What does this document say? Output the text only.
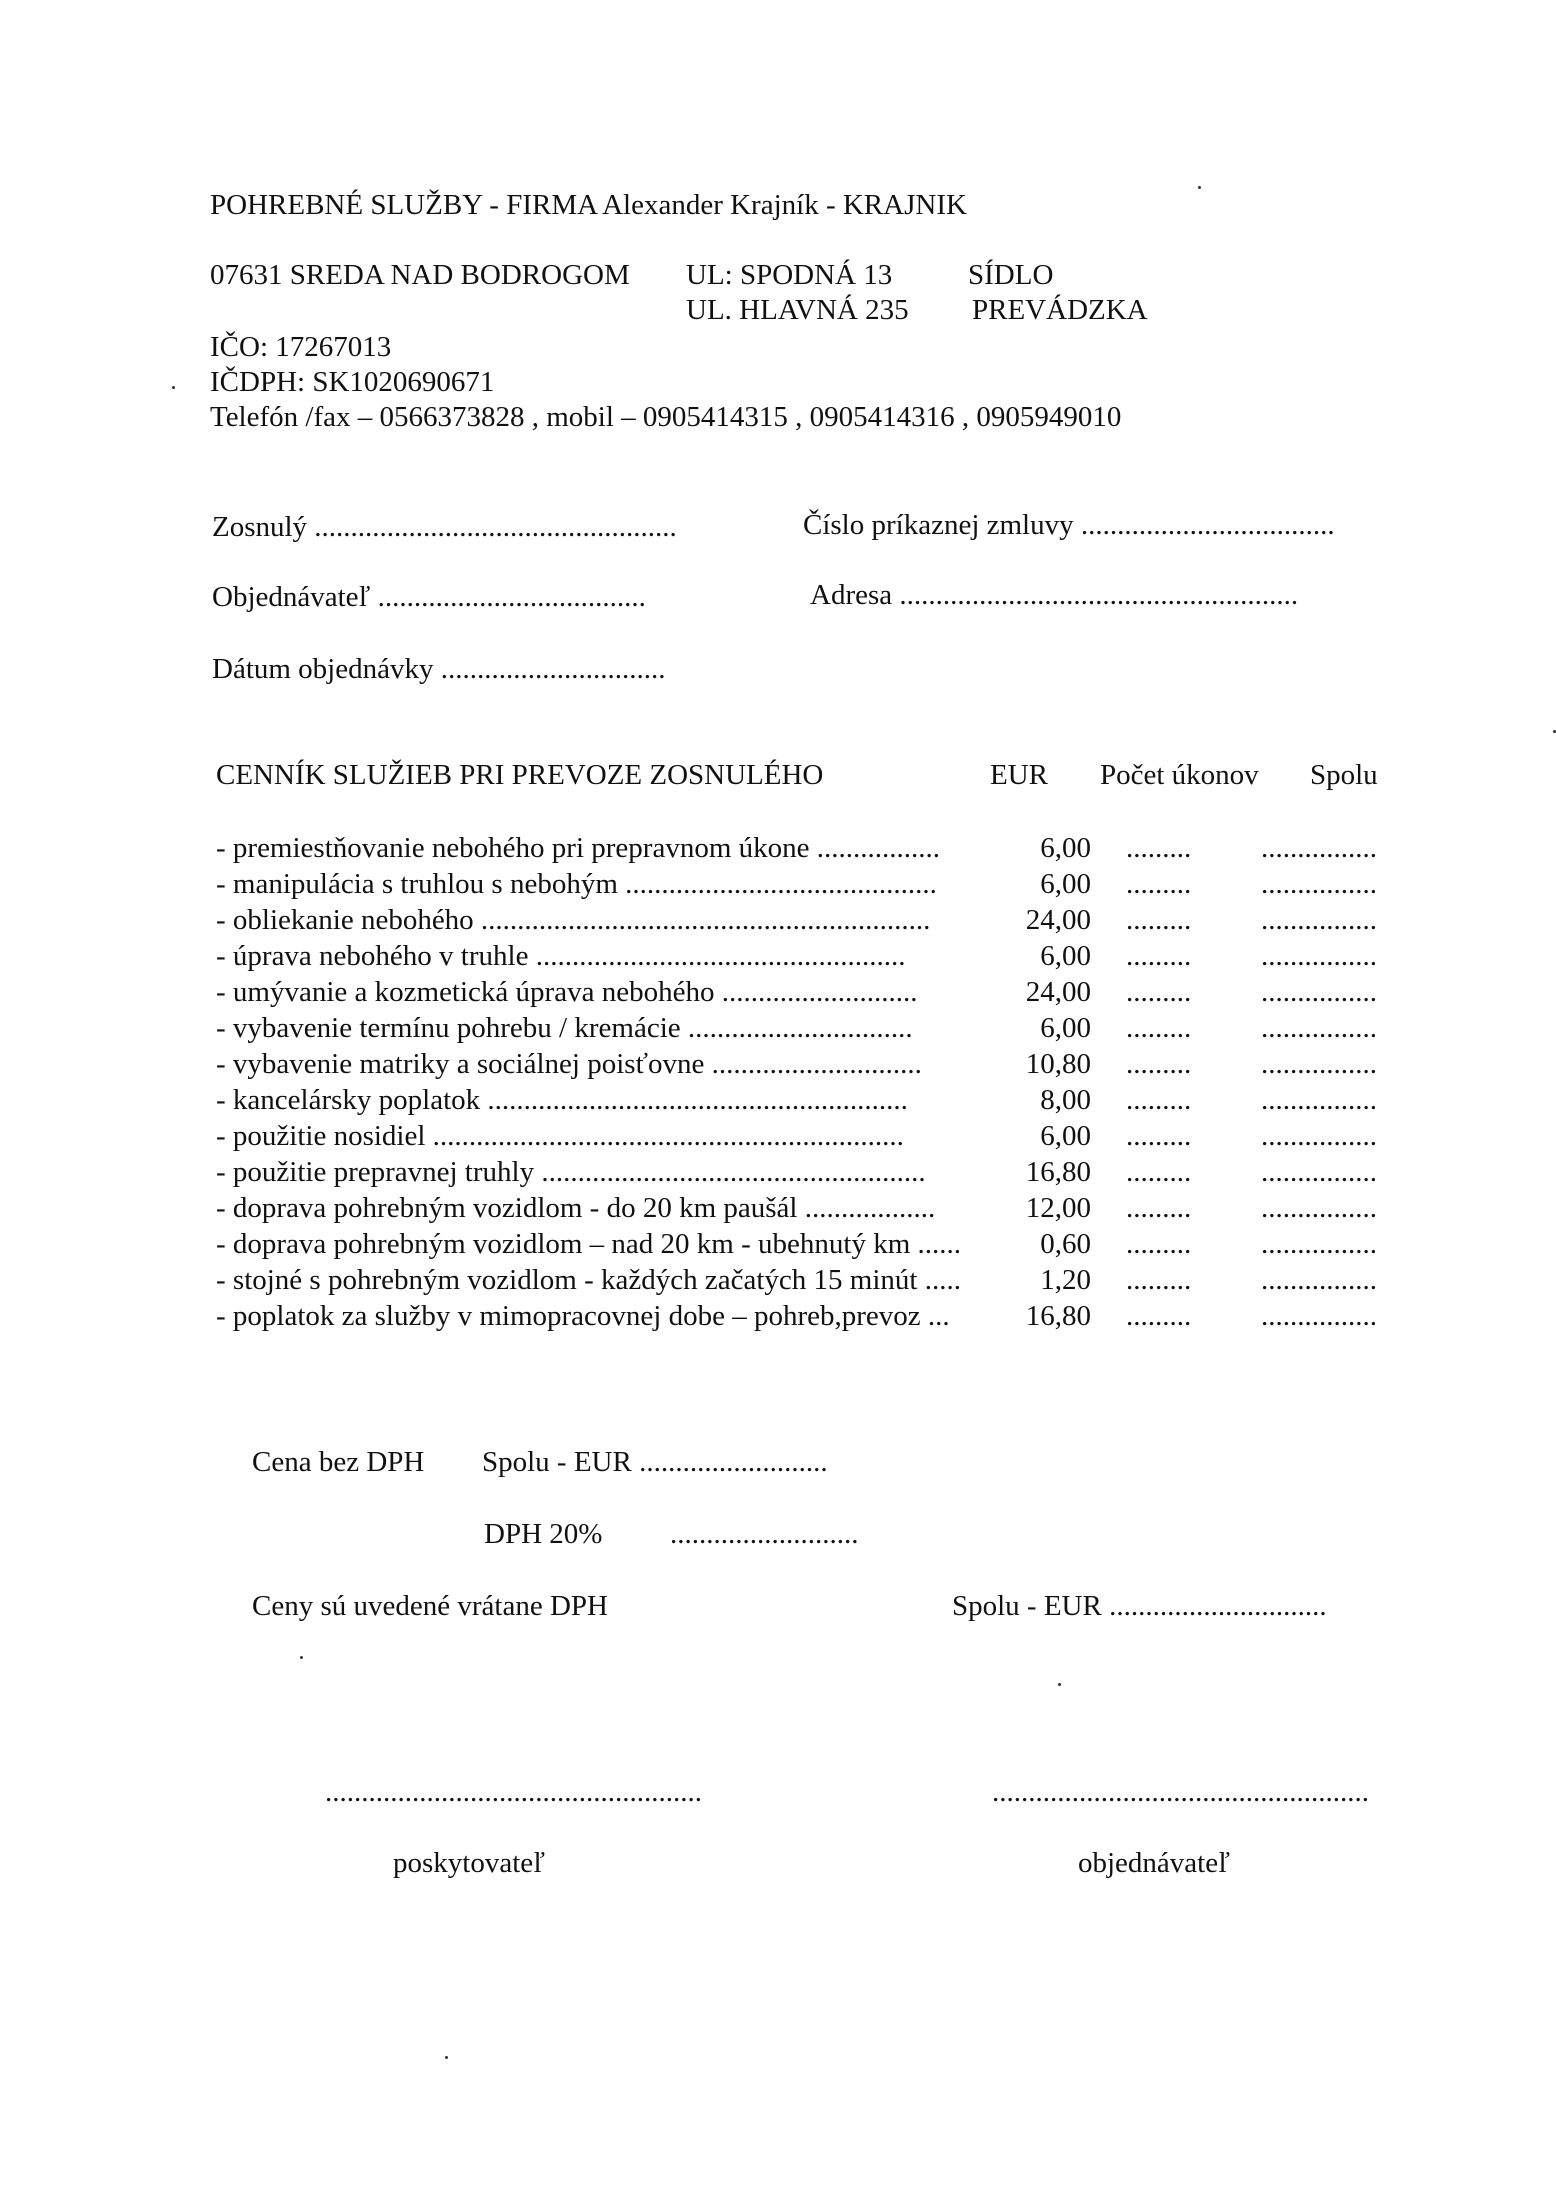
POHREBNÉ SLUŽBY - FIRMA Alexander Krajník - KRAJNIK
07631 SREDA NAD BODROGOM UL: SPODNÁ 13	SÍDLO
UL. HLAVNÁ 235 PREVÁDZKA
IČO: 17267013
IČDPH: SK1020690671
Telefón /fax – 0566373828 , mobil – 0905414315 , 0905414316 , 0905949010
Zosnulý ..................................................	Číslo príkaznej zmluvy ...................................
Objednávateľ .....................................	Adresa .......................................................
Dátum objednávky ...............................
CENNÍK SLUŽIEB PRI PREVOZE ZOSNULÉHO	EUR Počet úkonov Spolu
- premiestňovanie nebohého pri prepravnom úkone .................	6,00 ......... ................
- manipulácia s truhlou s nebohým ...........................................	6,00 ......... ................
- obliekanie nebohého ..............................................................	24,00 ......... ................
- úprava nebohého v truhle ...................................................	6,00 ......... ................
- umývanie a kozmetická úprava nebohého ...........................	24,00 ......... ................
- vybavenie termínu pohrebu / kremácie ...............................	6,00 ......... ................
- vybavenie matriky a sociálnej poisťovne .............................	10,80 ......... ................
- kancelársky poplatok ..........................................................	8,00 ......... ................
- použitie nosidiel .................................................................	6,00 ......... ................
- použitie prepravnej truhly .....................................................	16,80 ......... ................
- doprava pohrebným vozidlom - do 20 km paušál ..................	12,00 ......... ................
- doprava pohrebným vozidlom – nad 20 km - ubehnutý km ......	0,60 ......... ................
- stojné s pohrebným vozidlom - každých začatých 15 minút .....	1,20 ......... ................
- poplatok za služby v mimopracovnej dobe – pohreb,prevoz ...	16,80 ......... ................
Cena bez DPH Spolu - EUR ..........................
DPH 20% ..........................
Ceny sú uvedené vrátane DPH	Spolu - EUR ..............................
....................................................	....................................................
poskytovateľ	objednávateľ
